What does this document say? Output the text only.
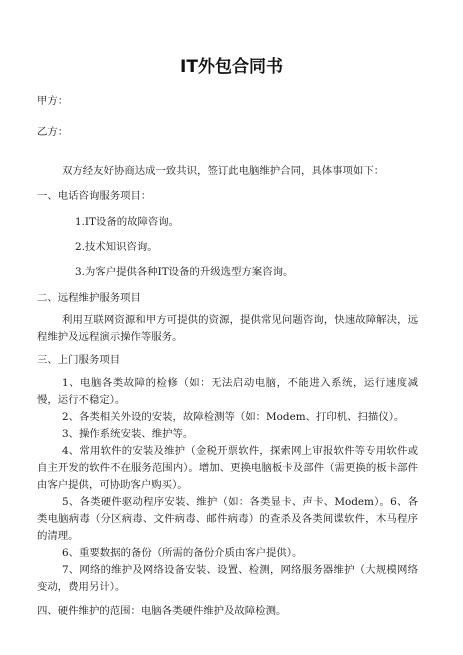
IT外包合同书

甲方：

乙方：

双方经友好协商达成一致共识，签订此电脑维护合同，具体事项如下：

一、电话咨询服务项目：

1.IT设备的故障咨询。

2.技术知识咨询。

3.为客户提供各种IT设备的升级选型方案咨询。

二、远程维护服务项目

利用互联网资源和甲方可提供的资源，提供常见问题咨询，快速故障解决，远程维护及远程演示操作等服务。

三、上门服务项目

1、电脑各类故障的检修（如：无法启动电脑，不能进入系统，运行速度减慢，运行不稳定）。

2、各类相关外设的安装，故障检测等（如：Modem、打印机、扫描仪）。

3、操作系统安装、维护等。

4、常用软件的安装及维护（金税开票软件，探索网上审报软件等专用软件或自主开发的软件不在服务范围内）。增加、更换电脑板卡及部件（需更换的板卡部件由客户提供，可协助客户购买）。

5、各类硬件驱动程序安装、维护（如：各类显卡、声卡、Modem）。6、各类电脑病毒（分区病毒、文件病毒、邮件病毒）的查杀及各类间谍软件，木马程序的清理。

6、重要数据的备份（所需的备份介质由客户提供）。

7、网络的维护及网络设备安装、设置、检测，网络服务器维护（大规模网络变动，费用另计）。

四、硬件维护的范围：电脑各类硬件维护及故障检测。
